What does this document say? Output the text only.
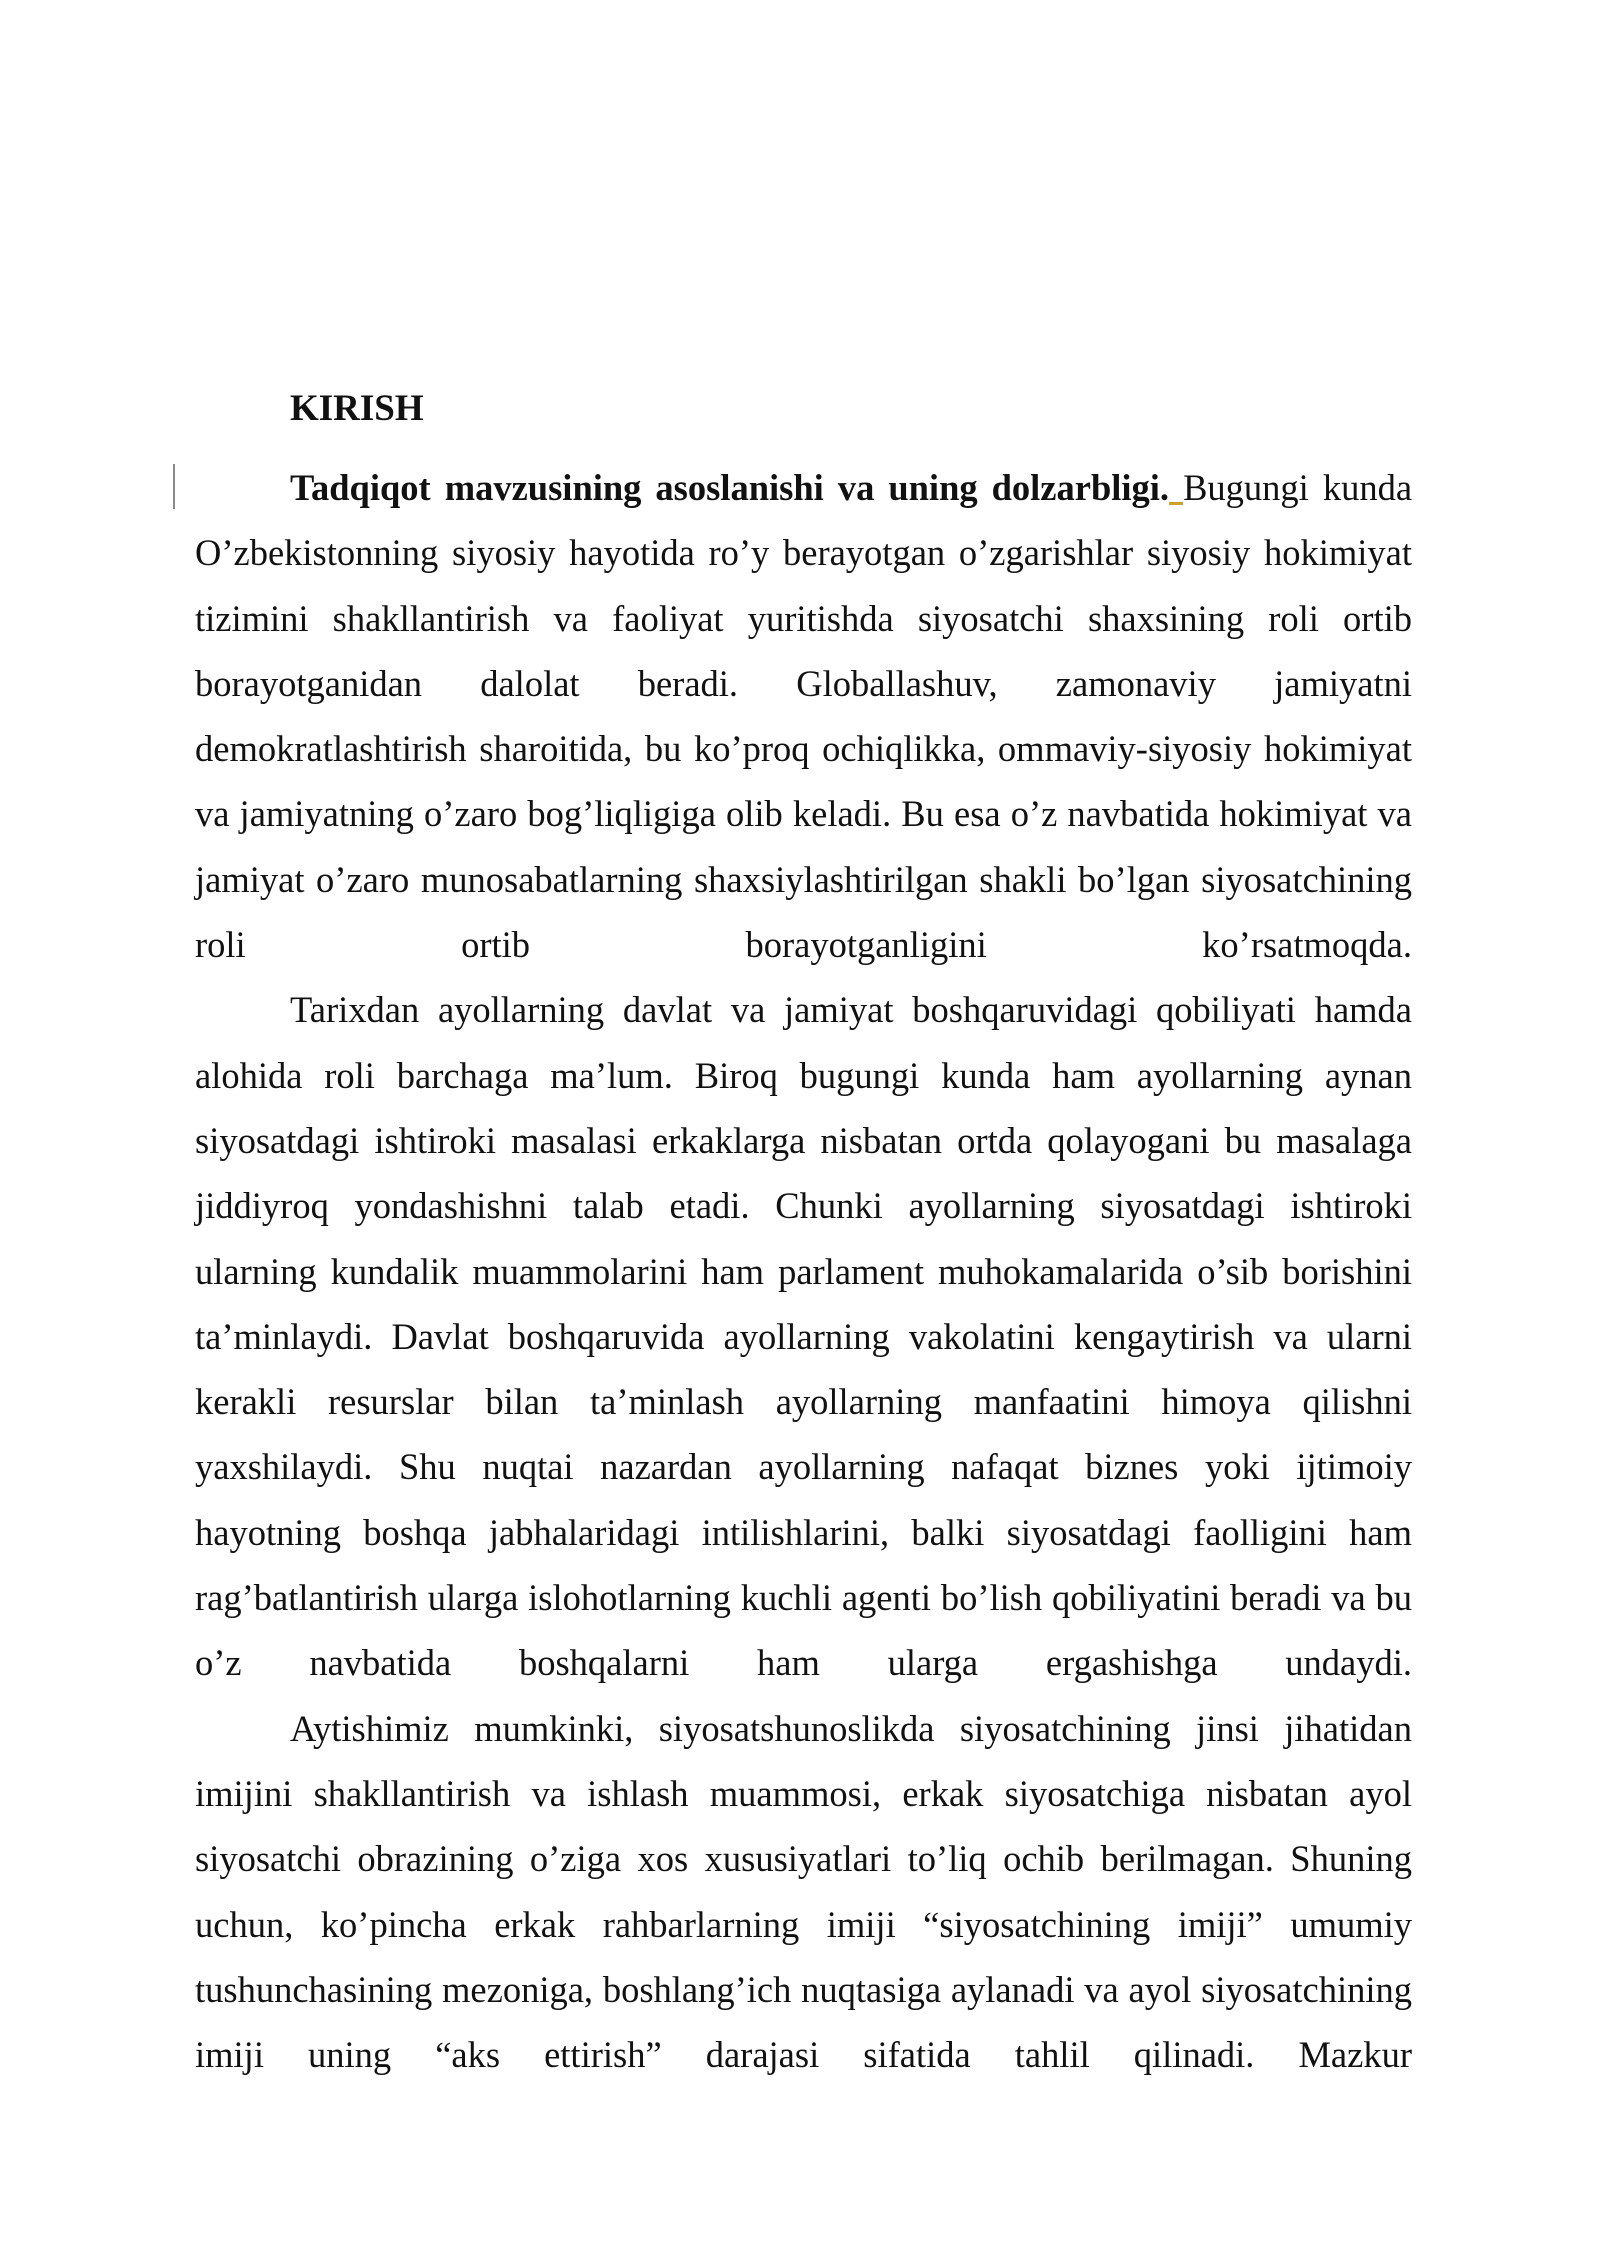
KIRISH

Tadqiqot mavzusining asoslanishi va uning dolzarbligi. Bugungi kunda O’zbekistonning siyosiy hayotida ro’y berayotgan o’zgarishlar siyosiy hokimiyat tizimini shakllantirish va faoliyat yuritishda siyosatchi shaxsining roli ortib borayotganidan dalolat beradi. Globallashuv, zamonaviy jamiyatni demokratlashtirish sharoitida, bu ko’proq ochiqlikka, ommaviy-siyosiy hokimiyat va jamiyatning o’zaro bog’liqligiga olib keladi. Bu esa o’z navbatida hokimiyat va jamiyat o’zaro munosabatlarning shaxsiylashtirilgan shakli bo’lgan siyosatchining roli ortib borayotganligini ko’rsatmoqda.

Tarixdan ayollarning davlat va jamiyat boshqaruvidagi qobiliyati hamda alohida roli barchaga ma’lum. Biroq bugungi kunda ham ayollarning aynan siyosatdagi ishtiroki masalasi erkaklarga nisbatan ortda qolayogani bu masalaga jiddiyroq yondashishni talab etadi. Chunki ayollarning siyosatdagi ishtiroki ularning kundalik muammolarini ham parlament muhokamalarida o’sib borishini ta’minlaydi. Davlat boshqaruvida ayollarning vakolatini kengaytirish va ularni kerakli resurslar bilan ta’minlash ayollarning manfaatini himoya qilishni yaxshilaydi. Shu nuqtai nazardan ayollarning nafaqat biznes yoki ijtimoiy hayotning boshqa jabhalaridagi intilishlarini, balki siyosatdagi faolligini ham rag’batlantirish ularga islohotlarning kuchli agenti bo’lish qobiliyatini beradi va bu o’z navbatida boshqalarni ham ularga ergashishga undaydi.

Aytishimiz mumkinki, siyosatshunoslikda siyosatchining jinsi jihatidan imijini shakllantirish va ishlash muammosi, erkak siyosatchiga nisbatan ayol siyosatchi obrazining o’ziga xos xususiyatlari to’liq ochib berilmagan. Shuning uchun, ko’pincha erkak rahbarlarning imiji “siyosatchining imiji” umumiy tushunchasining mezoniga, boshlang’ich nuqtasiga aylanadi va ayol siyosatchining imiji uning “aks ettirish” darajasi sifatida tahlil qilinadi. Mazkur
